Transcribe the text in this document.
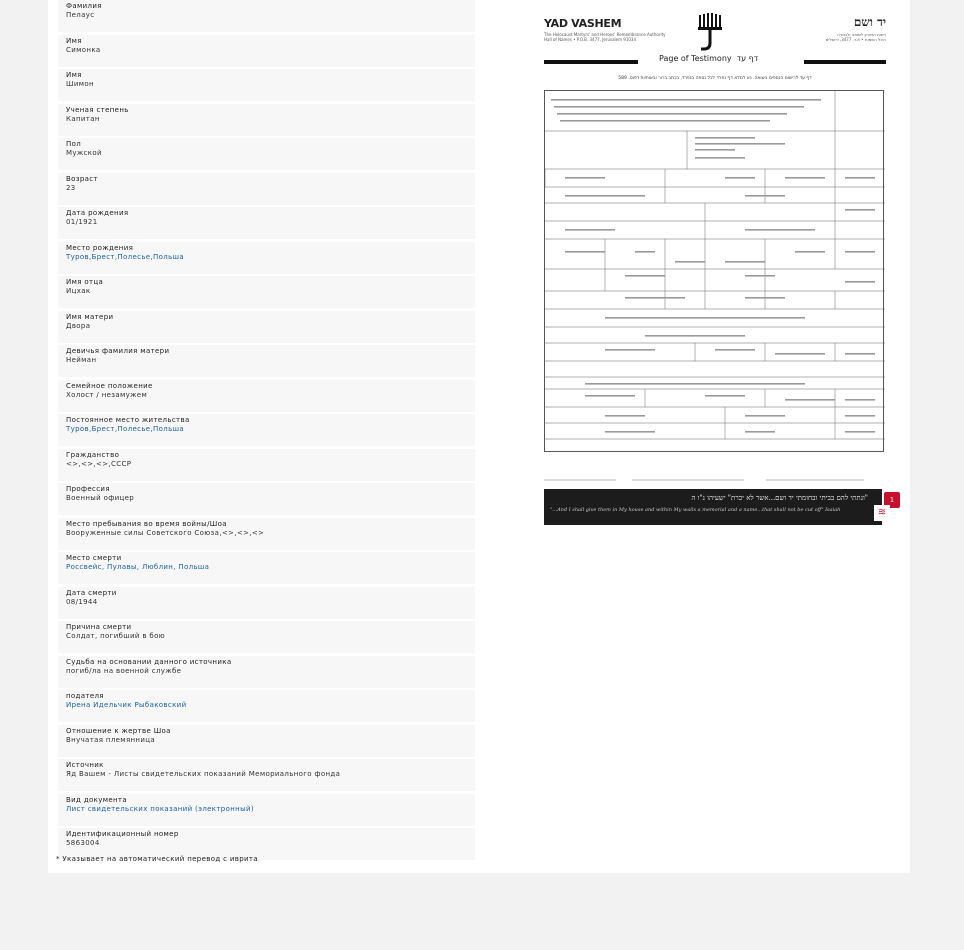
Фамилия
Пелаус
Имя
Симонка
Имя
Шимон
Ученая степень
Капитан
Пол
Мужской
Возраст
23
Дата рождения
01/1921
Место рождения
Туров,Брест,Полесье,Польша
Имя отца
Ицхак
Имя матери
Двора
Девичья фамилия матери
Нейман
Семейное положение
Холост / незамужем
Постоянное место жительства
Туров,Брест,Полесье,Польша
Гражданство
<>,<>,<>,СССР
Профессия
Военный офицер
Место пребывания во время войны/Шоа
Вооруженные силы Советского Союза,<>,<>,<>
Место смерти
Россвейс, Пулавы, Люблин, Польша
Дата смерти
08/1944
Причина смерти
Солдат, погибший в бою
Судьба на основании данного источника
погиб/ла на военной службе
подателя
Ирена Идельчик Рыбаковский
Отношение к жертве Шоа
Внучатая племянница
Источник
Яд Вашем - Листы свидетельских показаний Мемориального фонда
Вид документа
Лист свидетельских показаний (электронный)
Идентификационный номер
5863004
* Указывает на автоматический перевод с иврита
YAD VASHEM
The Holocaust Martyrs' and Heroes' Remembrance Authority
Hall of Names • P.O.B. 3477, Jerusalem 91034
יד ושם
רשות הזיכרון לשואה ולגבורה
היכל השמות • ת.ד. 3477, ירושלים
Page of Testimony דף עד
דף עד לרישום הנספים בשואה. נא למלא דף נפרד לכל נספה בנפרד, בכתב ברור ובאותיות דפוס. 589
"ונתתי להם בביתי ובחומתי יד ושם...אשר לא יכרת" ישעיהו נ"ו ה
"...And I shall give them in My house and within My walls a memorial and a name...that shall not be cut off" Isaiah
1
≋
